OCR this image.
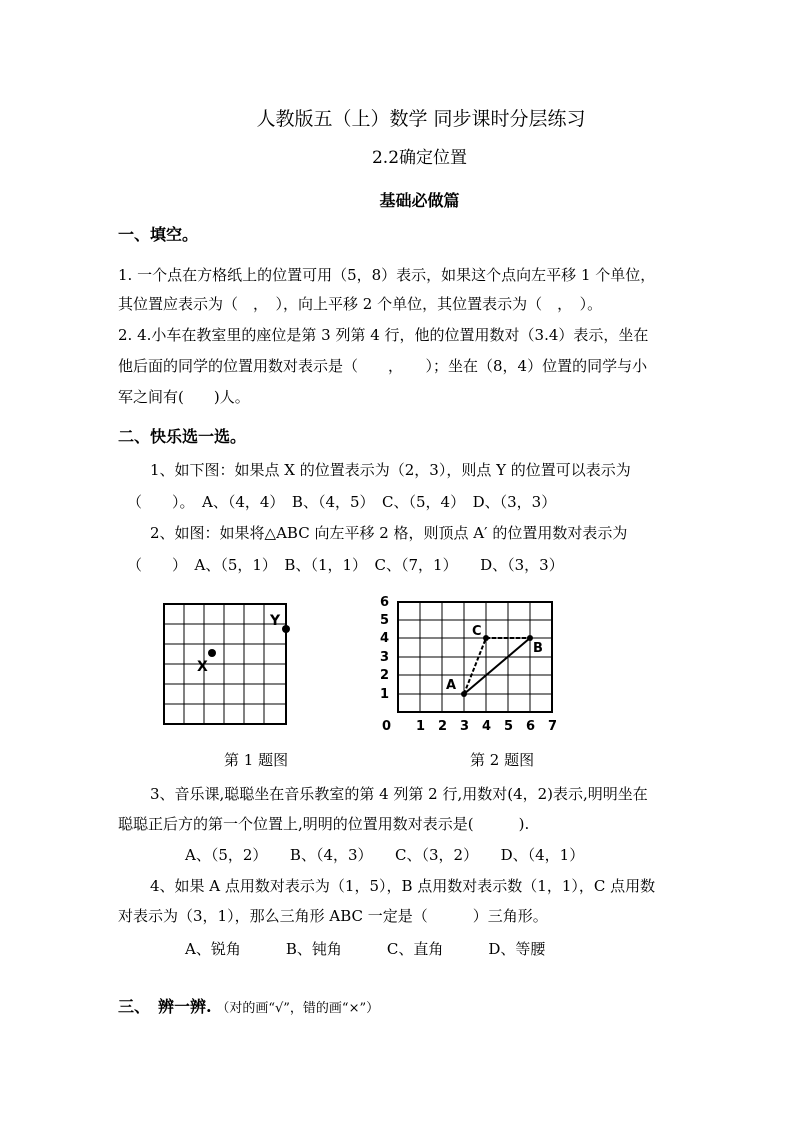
人教版五（上）数学 同步课时分层练习
2.2确定位置
基础必做篇
一、填空。
1. 一个点在方格纸上的位置可用（5，8）表示，如果这个点向左平移 1 个单位，
其位置应表示为（　，　），向上平移 2 个单位，其位置表示为（　，　）。
2. 4.小车在教室里的座位是第 3 列第 4 行，他的位置用数对（3.4）表示，坐在
他后面的同学的位置用数对表示是（　　，　　）；坐在（8，4）位置的同学与小
军之间有(　　)人。
二、快乐选一选。
1、如下图：如果点 X 的位置表示为（2，3），则点 Y 的位置可以表示为
（　　）。　A、（4，4）　B、（4，5）　C、（5，4）　D、（3，3）
2、如图：如果将△ABC 向左平移 2 格，则顶点 A′ 的位置用数对表示为
（　　）　A、（5，1）　B、（1，1）　C、（7，1）　　D、（3，3）
X
Y
第 1 题图
6
5
4
3
2
1
0 1 2 3 4 5 6 7
A
C
B
第 2 题图
3、音乐课,聪聪坐在音乐教室的第 4 列第 2 行,用数对(4，2)表示,明明坐在
聪聪正后方的第一个位置上,明明的位置用数对表示是(　　　).
A、（5，2）　　B、（4，3）　　C、（3，2）　　D、（4，1）
4、如果 A 点用数对表示为（1，5），B 点用数对表示数（1，1），C 点用数
对表示为（3，1），那么三角形 ABC 一定是（　　　）三角形。
A、锐角　　　B、钝角　　　C、直角　　　D、等腰
三、　辨一辨. （对的画“√”，错的画“×”）
